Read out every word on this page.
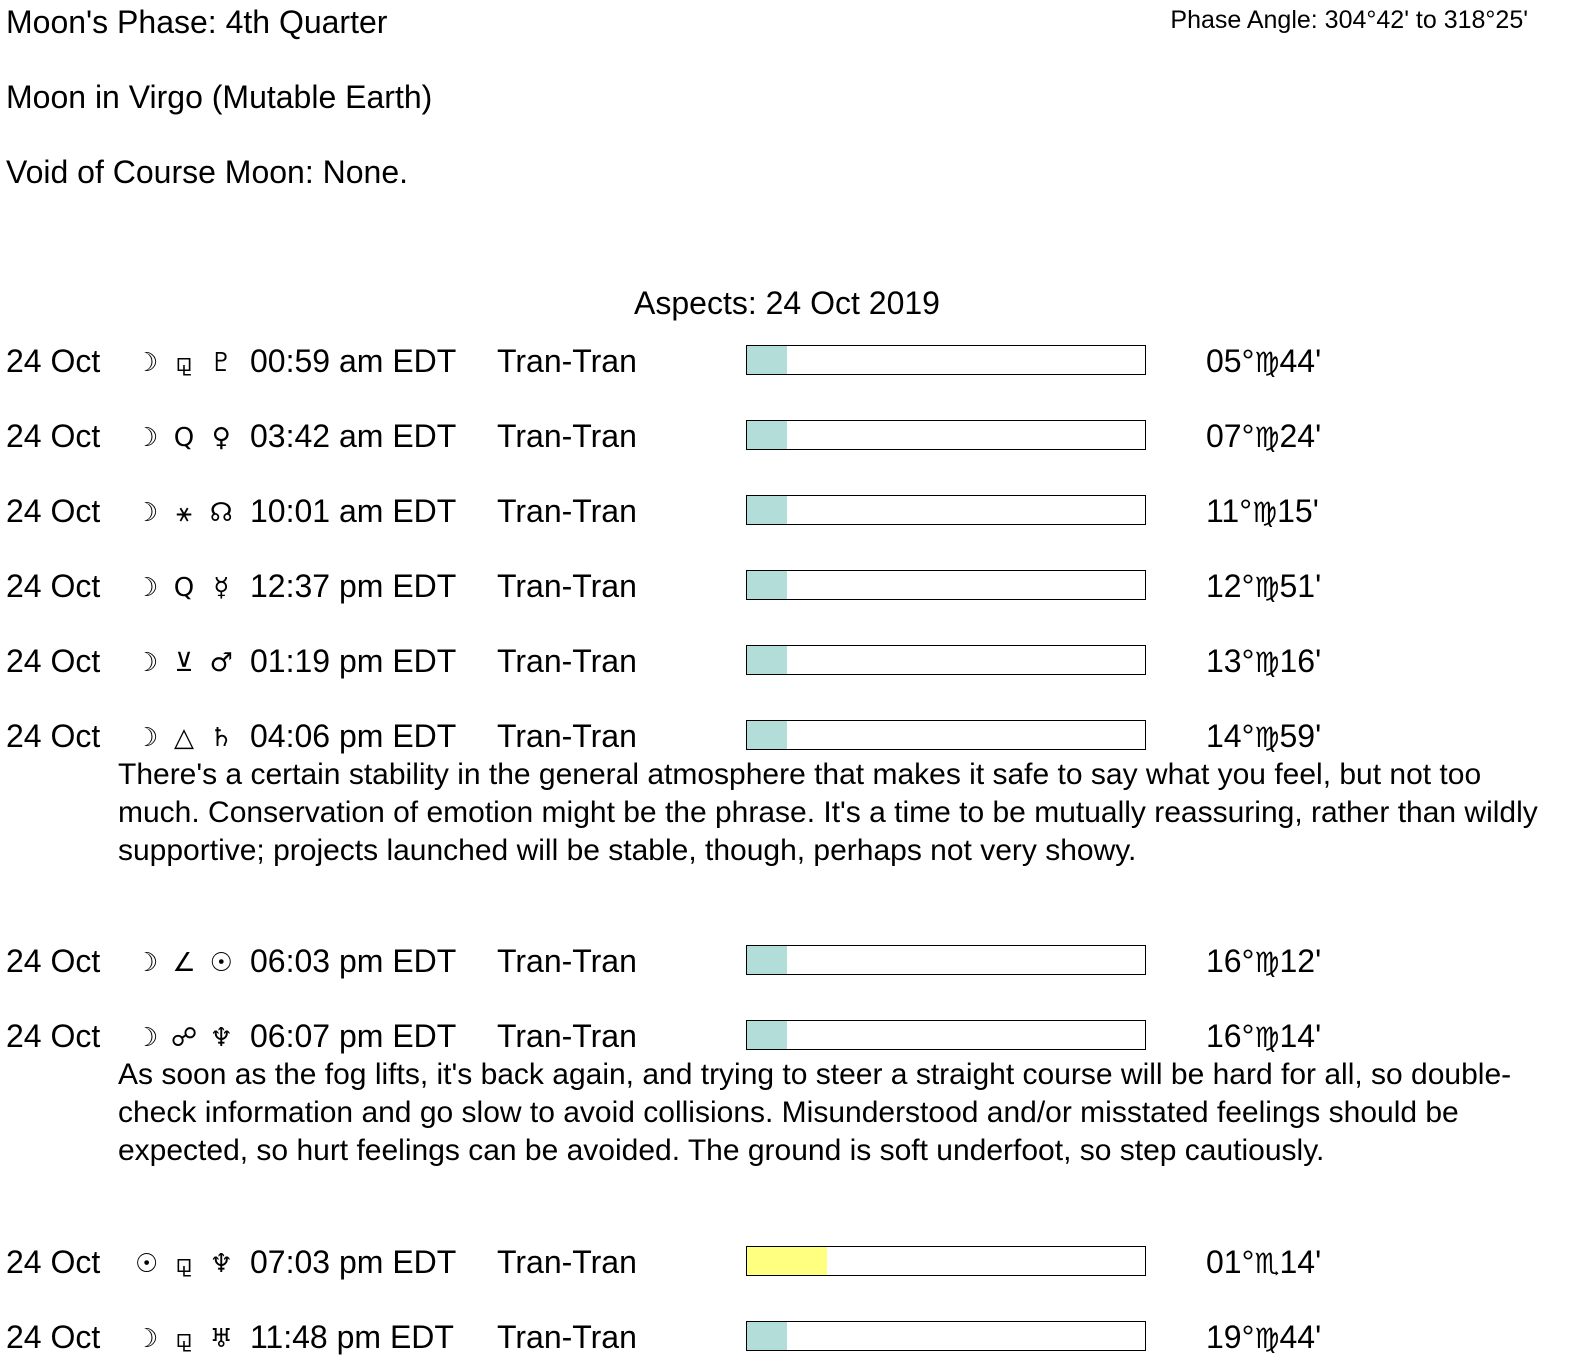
Moon's Phase: 4th Quarter	Phase Angle: 304°42' to 318°25'
Moon in Virgo (Mutable Earth)
Void of Course Moon: None.
Aspects: 24 Oct 2019
24 Oct ☽ ⚼ ♇ 00:59 am EDT Tran-Tran	05°♍44'
24 Oct ☽ Q ♀ 03:42 am EDT Tran-Tran	07°♍24'
24 Oct ☽ ⚹ ☊ 10:01 am EDT Tran-Tran	11°♍15'
24 Oct ☽ Q ☿ 12:37 pm EDT Tran-Tran	12°♍51'
24 Oct ☽ ⊻ ♂ 01:19 pm EDT Tran-Tran	13°♍16'
24 Oct ☽ △ ♄ 04:06 pm EDT Tran-Tran	14°♍59'
There's a certain stability in the general atmosphere that makes it safe to say what you feel, but not too much. Conservation of emotion might be the phrase. It's a time to be mutually reassuring, rather than wildly supportive; projects launched will be stable, though, perhaps not very showy.
24 Oct ☽ ∠ ☉ 06:03 pm EDT Tran-Tran	16°♍12'
24 Oct ☽ ☍ ♆ 06:07 pm EDT Tran-Tran	16°♍14'
As soon as the fog lifts, it's back again, and trying to steer a straight course will be hard for all, so double-check information and go slow to avoid collisions. Misunderstood and/or misstated feelings should be expected, so hurt feelings can be avoided. The ground is soft underfoot, so step cautiously.
24 Oct ☉ ⚼ ♆ 07:03 pm EDT Tran-Tran	01°♏14'
24 Oct ☽ ⚼ ♅ 11:48 pm EDT Tran-Tran	19°♍44'
